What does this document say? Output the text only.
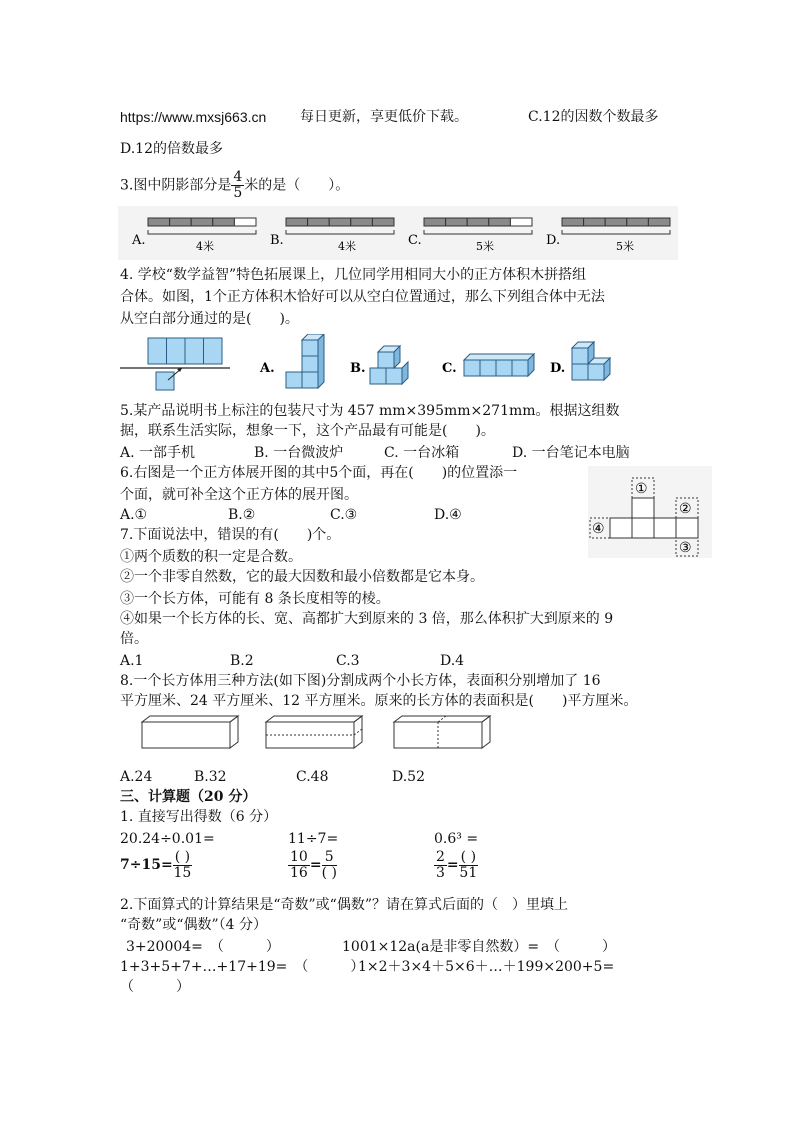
https://www.mxsj663.cn 每日更新，享更低价下载。	C.12的因数个数最多
D.12的倍数最多
3.图中阴影部分是 $\frac{4}{5}$ 米的是（　　）。
A.	4米	B.	4米	C.	5米	D.	5米
4. 学校“数学益智”特色拓展课上，几位同学用相同大小的正方体积木拼搭组
合体。如图，1个正方体积木恰好可以从空白位置通过，那么下列组合体中无法
从空白部分通过的是(　　)。
A.	B.	C.	D.
5.某产品说明书上标注的包装尺寸为 457 mm×395mm×271mm。根据这组数
据，联系生活实际，想象一下，这个产品最有可能是(　　)。
A. 一部手机	B. 一台微波炉	C. 一台冰箱	D. 一台笔记本电脑
6.右图是一个正方体展开图的其中5个面，再在(　　)的位置添一
个面，就可补全这个正方体的展开图。
A.①	B.②	C.③	D.④
①
②
③
④
7.下面说法中，错误的有(　　)个。
①两个质数的积一定是合数。
②一个非零自然数，它的最大因数和最小倍数都是它本身。
③一个长方体，可能有 8 条长度相等的棱。
④如果一个长方体的长、宽、高都扩大到原来的 3 倍，那么体积扩大到原来的 9
倍。
A.1	B.2	C.3	D.4
8.一个长方体用三种方法(如下图)分割成两个小长方体，表面积分别增加了 16
平方厘米、24 平方厘米、12 平方厘米。原来的长方体的表面积是(　　)平方厘米。
A.24	B.32	C.48	D.52
三、计算题（20 分）
1. 直接写出得数（6 分）
20.24÷0.01=	11÷7=	0.6³ =
$7\div 15= \frac{( )}{15}$	$\frac{10}{16} = \frac{5}{( )}$	$\frac{2}{3} = \frac{( )}{51}$
2.下面算式的计算结果是“奇数”或“偶数”？请在算式后面的（　）里填上
“奇数”或“偶数”（4 分）
3+20004=　（　　　）	1001×12a(a是非零自然数）=　（　　　）
1+3+5+7+…+17+19=　（　　　）
1×2＋3×4＋5×6＋…＋199×200+5=
（　　　）
